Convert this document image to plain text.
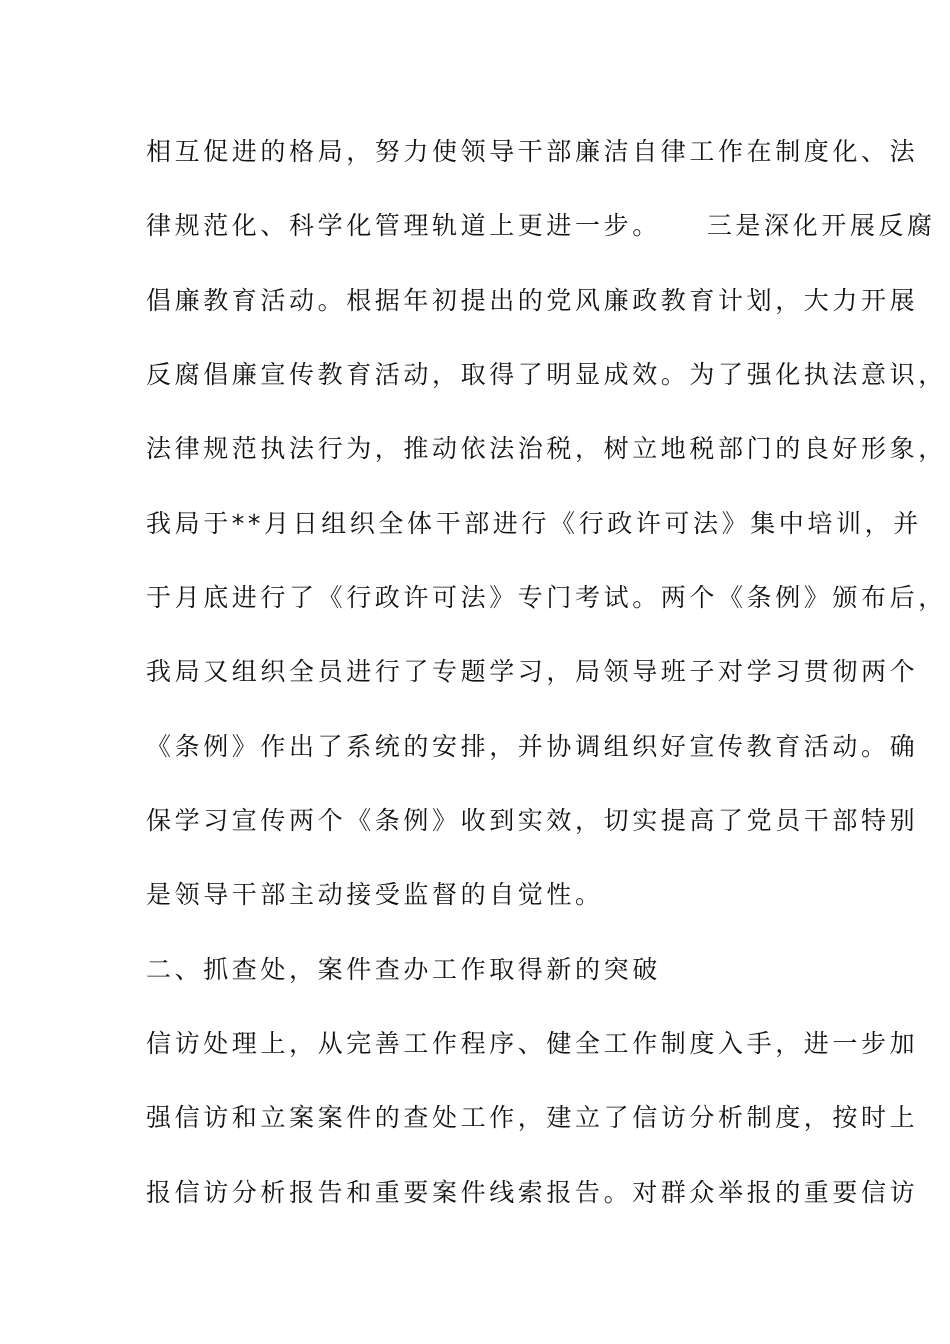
相互促进的格局，努力使领导干部廉洁自律工作在制度化、法
律规范化、科学化管理轨道上更进一步。 三是深化开展反腐
倡廉教育活动。根据年初提出的党风廉政教育计划，大力开展
反腐倡廉宣传教育活动，取得了明显成效。为了强化执法意识，
法律规范执法行为，推动依法治税，树立地税部门的良好形象，
我局于**月日组织全体干部进行《行政许可法》集中培训，并
于月底进行了《行政许可法》专门考试。两个《条例》颁布后，
我局又组织全员进行了专题学习，局领导班子对学习贯彻两个
《条例》作出了系统的安排，并协调组织好宣传教育活动。确
保学习宣传两个《条例》收到实效，切实提高了党员干部特别
是领导干部主动接受监督的自觉性。
二、抓查处，案件查办工作取得新的突破
信访处理上，从完善工作程序、健全工作制度入手，进一步加
强信访和立案案件的查处工作，建立了信访分析制度，按时上
报信访分析报告和重要案件线索报告。对群众举报的重要信访
